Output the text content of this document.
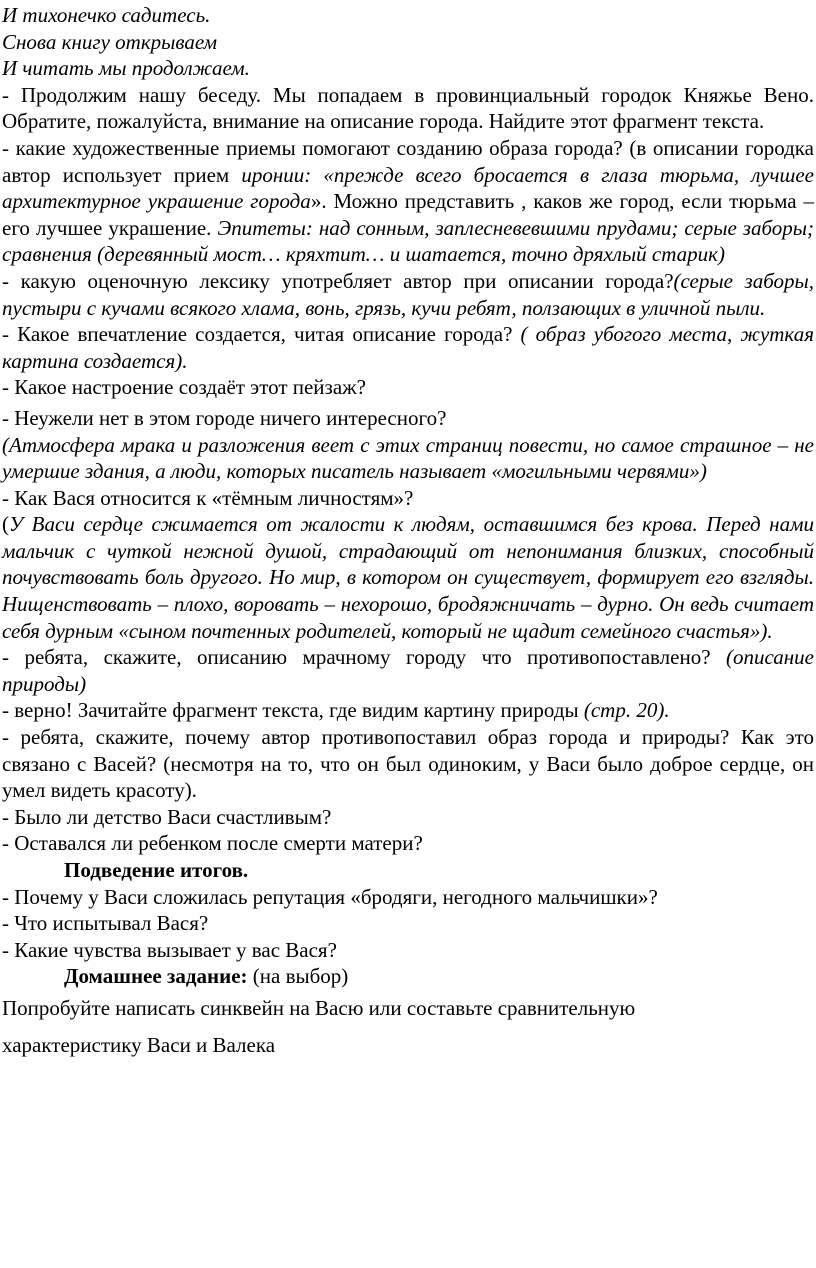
И тихонечко садитесь.

Снова книгу открываем

И читать мы продолжаем.

- Продолжим нашу беседу. Мы попадаем в провинциальный городок Княжье Вено. Обратите, пожалуйста, внимание на описание города. Найдите этот фрагмент текста.

- какие художественные приемы помогают созданию образа города? (в описании городка автор использует прием иронии: «прежде всего бросается в глаза тюрьма, лучшее архитектурное украшение города». Можно представить , каков же город, если тюрьма – его лучшее украшение. Эпитеты: над сонным, заплесневевшими прудами; серые заборы; сравнения (деревянный мост… кряхтит… и шатается, точно дряхлый старик)

- какую оценочную лексику употребляет автор при описании города?(серые заборы, пустыри с кучами всякого хлама, вонь, грязь, кучи ребят, ползающих в уличной пыли.

- Какое впечатление создается, читая описание города? ( образ убогого места, жуткая картина создается).

- Какое настроение создаёт этот пейзаж?

- Неужели нет в этом городе ничего интересного?

(Атмосфера мрака и разложения веет с этих страниц повести, но самое страшное – не умершие здания, а люди, которых писатель называет «могильными червями»)

- Как Вася относится к «тёмным личностям»?

(У Васи сердце сжимается от жалости к людям, оставшимся без крова. Перед нами мальчик с чуткой нежной душой, страдающий от непонимания близких, способный почувствовать боль другого. Но мир, в котором он существует, формирует его взгляды. Нищенствовать – плохо, воровать – нехорошо, бродяжничать – дурно. Он ведь считает себя дурным «сыном почтенных родителей, который не щадит семейного счастья»).

- ребята, скажите, описанию мрачному городу что противопоставлено? (описание природы)

- верно! Зачитайте фрагмент текста, где видим картину природы (стр. 20).

- ребята, скажите, почему автор противопоставил образ города и природы? Как это связано с Васей? (несмотря на то, что он был одиноким, у Васи было доброе сердце, он умел видеть красоту).

- Было ли детство Васи счастливым?

- Оставался ли ребенком после смерти матери?

Подведение итогов.

- Почему у Васи сложилась репутация «бродяги, негодного мальчишки»?

- Что испытывал Вася?

- Какие чувства вызывает у вас Вася?

Домашнее задание: (на выбор)

Попробуйте написать синквейн на Васю или составьте сравнительную

характеристику Васи и Валека
